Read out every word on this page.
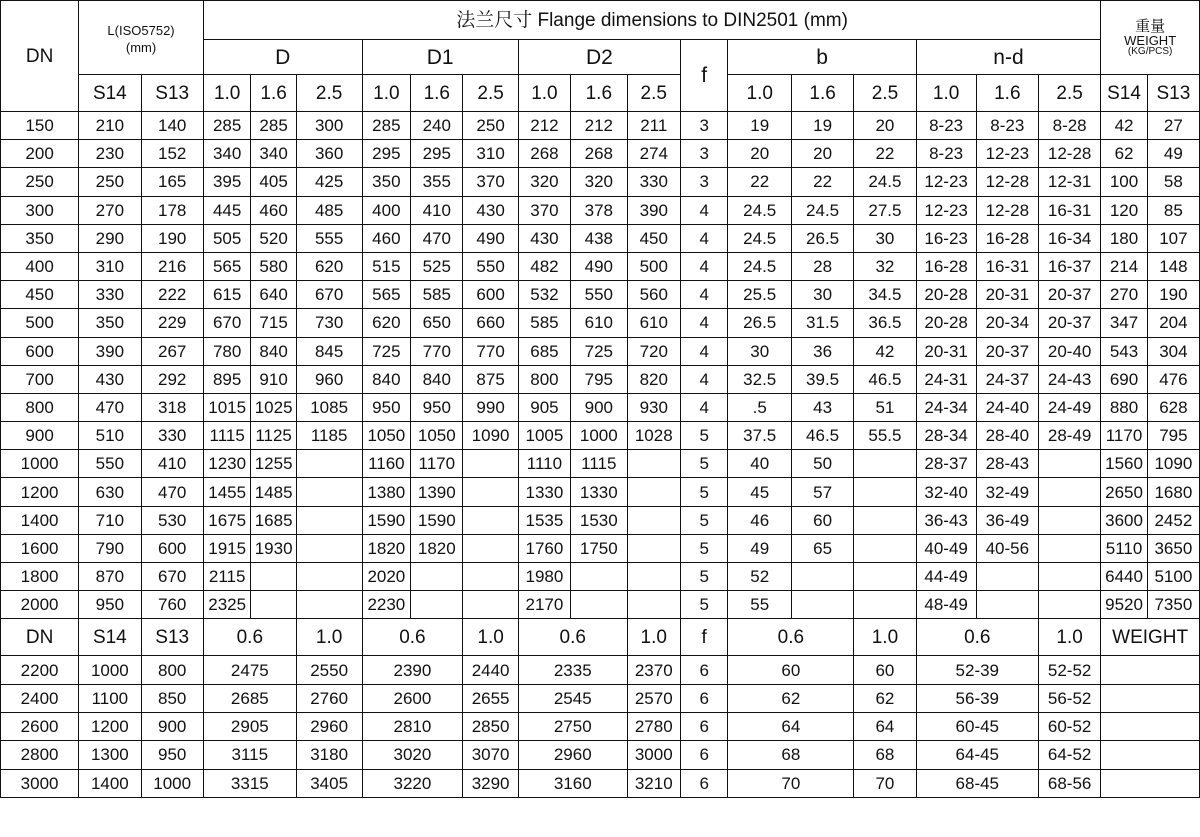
DN	L(ISO5752)
(mm)		法兰尺寸 Flange dimensions to DIN2501 (mm)																重量
WEIGHT
(KG/PCS)	

			D			D1			D2			f	b			n-d				
	S14	S13	1.0	1.6	2.5	1.0	1.6	2.5	1.0	1.6	2.5		1.0	1.6	2.5	1.0	1.6	2.5	S14	S13
150	210	140	285	285	300	285	240	250	212	212	211	3	19	19	20	8-23	8-23	8-28	42	27
200	230	152	340	340	360	295	295	310	268	268	274	3	20	20	22	8-23	12-23	12-28	62	49
250	250	165	395	405	425	350	355	370	320	320	330	3	22	22	24.5	12-23	12-28	12-31	100	58
300	270	178	445	460	485	400	410	430	370	378	390	4	24.5	24.5	27.5	12-23	12-28	16-31	120	85
350	290	190	505	520	555	460	470	490	430	438	450	4	24.5	26.5	30	16-23	16-28	16-34	180	107
400	310	216	565	580	620	515	525	550	482	490	500	4	24.5	28	32	16-28	16-31	16-37	214	148
450	330	222	615	640	670	565	585	600	532	550	560	4	25.5	30	34.5	20-28	20-31	20-37	270	190
500	350	229	670	715	730	620	650	660	585	610	610	4	26.5	31.5	36.5	20-28	20-34	20-37	347	204
600	390	267	780	840	845	725	770	770	685	725	720	4	30	36	42	20-31	20-37	20-40	543	304
700	430	292	895	910	960	840	840	875	800	795	820	4	32.5	39.5	46.5	24-31	24-37	24-43	690	476
800	470	318	1015	1025	1085	950	950	990	905	900	930	4	.5	43	51	24-34	24-40	24-49	880	628
900	510	330	1115	1125	1185	1050	1050	1090	1005	1000	1028	5	37.5	46.5	55.5	28-34	28-40	28-49	1170	795
1000	550	410	1230	1255		1160	1170		1110	1115		5	40	50		28-37	28-43		1560	1090
1200	630	470	1455	1485		1380	1390		1330	1330		5	45	57		32-40	32-49		2650	1680
1400	710	530	1675	1685		1590	1590		1535	1530		5	46	60		36-43	36-49		3600	2452
1600	790	600	1915	1930		1820	1820		1760	1750		5	49	65		40-49	40-56		5110	3650
1800	870	670	2115			2020			1980			5	52			44-49			6440	5100
2000	950	760	2325			2230			2170			5	55			48-49			9520	7350
DN	S14	S13	0.6		1.0	0.6		1.0	0.6		1.0	f	0.6		1.0	0.6		1.0	WEIGHT	
2200	1000	800	2475		2550	2390		2440	2335		2370	6	60		60	52-39		52-52		
2400	1100	850	2685		2760	2600		2655	2545		2570	6	62		62	56-39		56-52		
2600	1200	900	2905		2960	2810		2850	2750		2780	6	64		64	60-45		60-52		
2800	1300	950	3115		3180	3020		3070	2960		3000	6	68		68	64-45		64-52		
3000	1400	1000	3315		3405	3220		3290	3160		3210	6	70		70	68-45		68-56		
